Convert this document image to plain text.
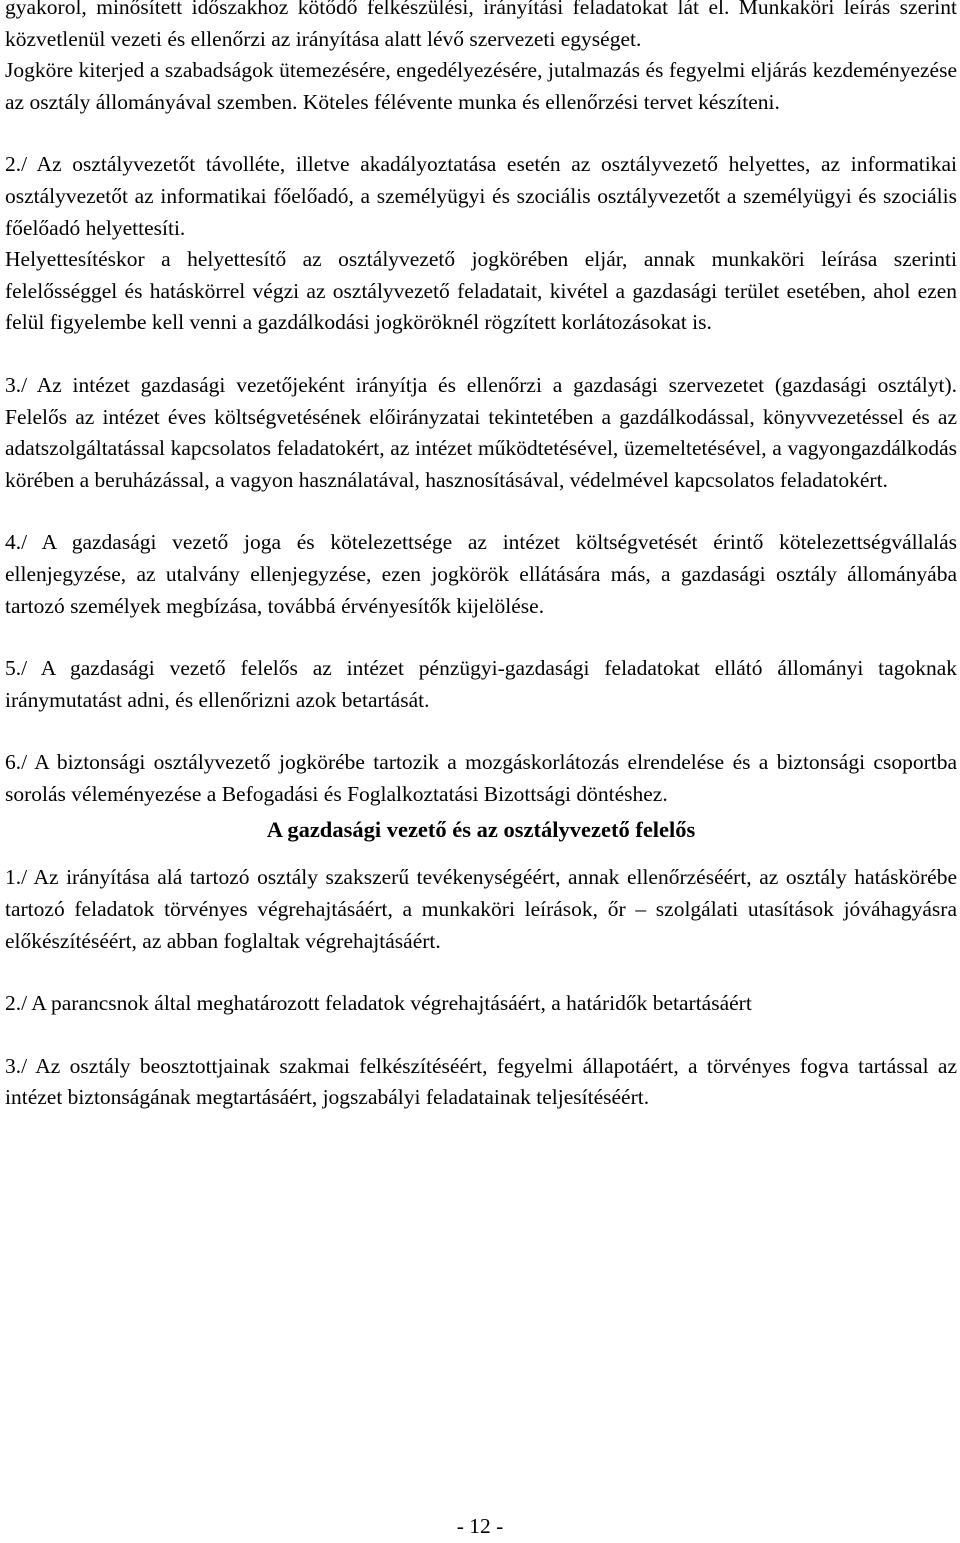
gyakorol, minősített időszakhoz kötődő felkészülési, irányítási feladatokat lát el. Munkaköri leírás szerint közvetlenül vezeti és ellenőrzi az irányítása alatt lévő szervezeti egységet.

Jogköre kiterjed a szabadságok ütemezésére, engedélyezésére, jutalmazás és fegyelmi eljárás kezdeményezése az osztály állományával szemben. Köteles félévente munka és ellenőrzési tervet készíteni.

2./ Az osztályvezetőt távolléte, illetve akadályoztatása esetén az osztályvezető helyettes, az informatikai osztályvezetőt az informatikai főelőadó, a személyügyi és szociális osztályvezetőt a személyügyi és szociális főelőadó helyettesíti.

Helyettesítéskor a helyettesítő az osztályvezető jogkörében eljár, annak munkaköri leírása szerinti felelősséggel és hatáskörrel végzi az osztályvezető feladatait, kivétel a gazdasági terület esetében, ahol ezen felül figyelembe kell venni a gazdálkodási jogköröknél rögzített korlátozásokat is.

3./ Az intézet gazdasági vezetőjeként irányítja és ellenőrzi a gazdasági szervezetet (gazdasági osztályt). Felelős az intézet éves költségvetésének előirányzatai tekintetében a gazdálkodással, könyvvezetéssel és az adatszolgáltatással kapcsolatos feladatokért, az intézet működtetésével, üzemeltetésével, a vagyongazdálkodás körében a beruházással, a vagyon használatával, hasznosításával, védelmével kapcsolatos feladatokért.

4./ A gazdasági vezető joga és kötelezettsége az intézet költségvetését érintő kötelezettségvállalás ellenjegyzése, az utalvány ellenjegyzése, ezen jogkörök ellátására más, a gazdasági osztály állományába tartozó személyek megbízása, továbbá érvényesítők kijelölése.

5./ A gazdasági vezető felelős az intézet pénzügyi-gazdasági feladatokat ellátó állományi tagoknak iránymutatást adni, és ellenőrizni azok betartását.

6./ A biztonsági osztályvezető jogkörébe tartozik a mozgáskorlátozás elrendelése és a biztonsági csoportba sorolás véleményezése a Befogadási és Foglalkoztatási Bizottsági döntéshez.

A gazdasági vezető és az osztályvezető felelős

1./ Az irányítása alá tartozó osztály szakszerű tevékenységéért, annak ellenőrzéséért, az osztály hatáskörébe tartozó feladatok törvényes végrehajtásáért, a munkaköri leírások, őr – szolgálati utasítások jóváhagyásra előkészítéséért, az abban foglaltak végrehajtásáért.

2./ A parancsnok által meghatározott feladatok végrehajtásáért, a határidők betartásáért

3./ Az osztály beosztottjainak szakmai felkészítéséért, fegyelmi állapotáért, a törvényes fogva tartással az intézet biztonságának megtartásáért, jogszabályi feladatainak teljesítéséért.

- 12 -
